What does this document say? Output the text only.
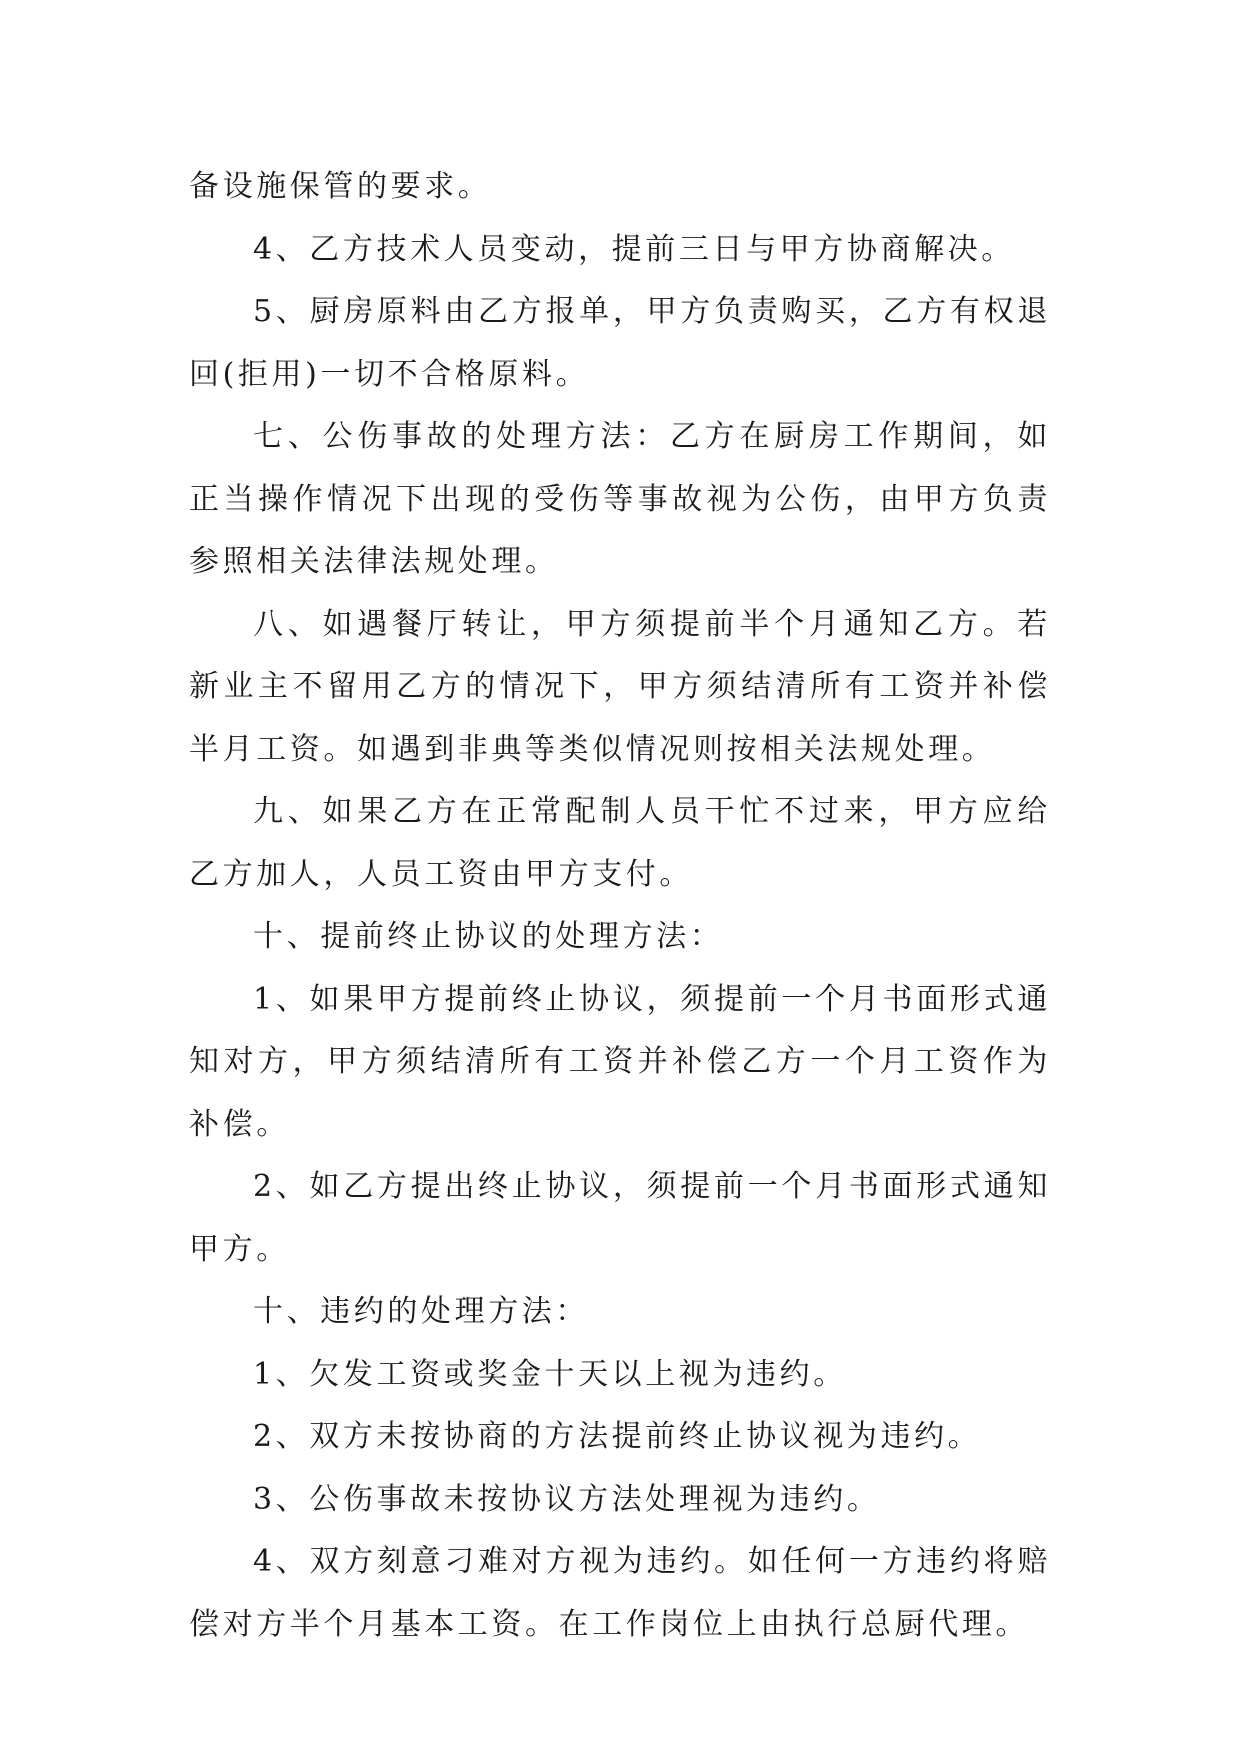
备设施保管的要求。

4、乙方技术人员变动，提前三日与甲方协商解决。

5、厨房原料由乙方报单，甲方负责购买，乙方有权退回(拒用)一切不合格原料。

七、公伤事故的处理方法：乙方在厨房工作期间，如正当操作情况下出现的受伤等事故视为公伤，由甲方负责参照相关法律法规处理。

八、如遇餐厅转让，甲方须提前半个月通知乙方。若新业主不留用乙方的情况下，甲方须结清所有工资并补偿半月工资。如遇到非典等类似情况则按相关法规处理。

九、如果乙方在正常配制人员干忙不过来，甲方应给乙方加人，人员工资由甲方支付。

十、提前终止协议的处理方法：

1、如果甲方提前终止协议，须提前一个月书面形式通知对方，甲方须结清所有工资并补偿乙方一个月工资作为补偿。

2、如乙方提出终止协议，须提前一个月书面形式通知甲方。

十、违约的处理方法：

1、欠发工资或奖金十天以上视为违约。

2、双方未按协商的方法提前终止协议视为违约。

3、公伤事故未按协议方法处理视为违约。

4、双方刻意刁难对方视为违约。如任何一方违约将赔偿对方半个月基本工资。在工作岗位上由执行总厨代理。
